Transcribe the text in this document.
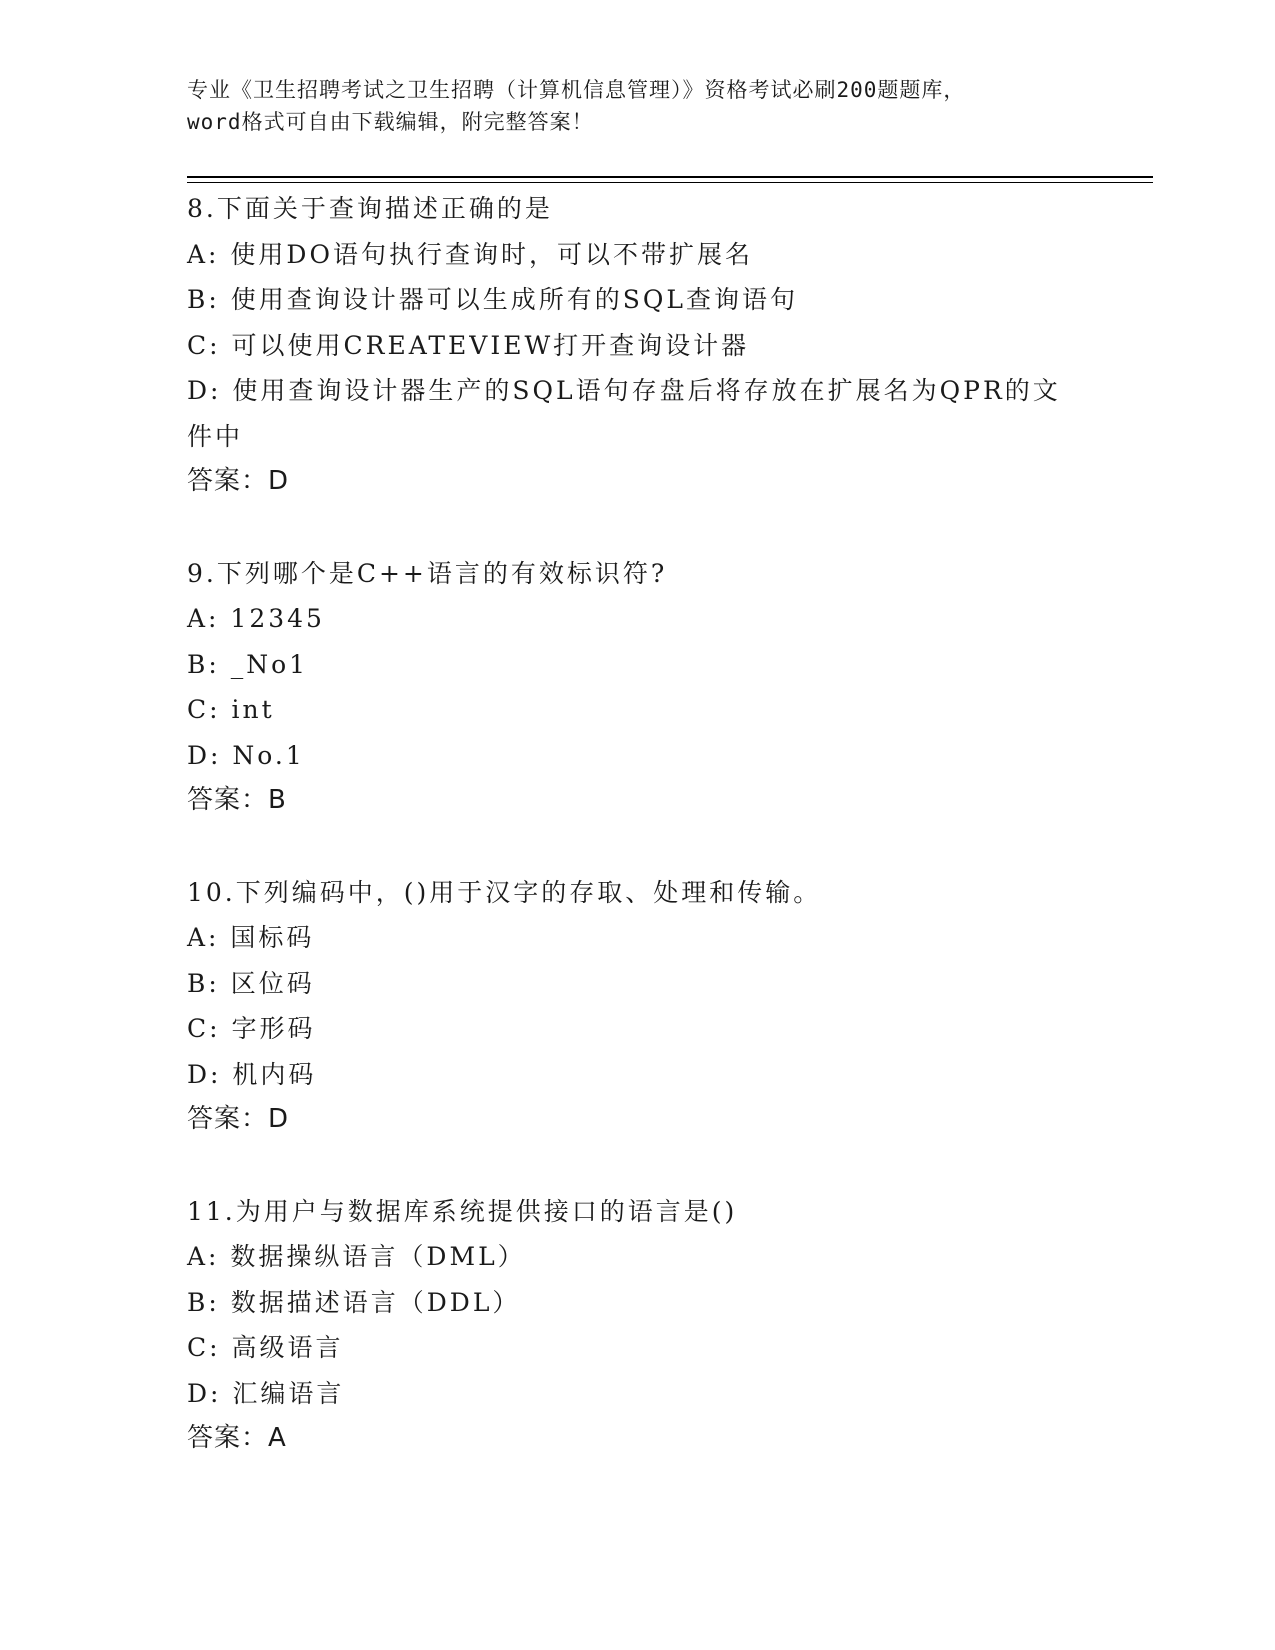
专业《卫生招聘考试之卫生招聘（计算机信息管理）》资格考试必刷200题题库，
word格式可自由下载编辑，附完整答案！
8.下面关于查询描述正确的是
A: 使用DO语句执行查询时，可以不带扩展名
B: 使用查询设计器可以生成所有的SQL查询语句
C: 可以使用CREATEVIEW打开查询设计器
D: 使用查询设计器生产的SQL语句存盘后将存放在扩展名为QPR的文
件中
答案：D
9.下列哪个是C++语言的有效标识符?
A: 12345
B: _No1
C: int
D: No.1
答案：B
10.下列编码中，()用于汉字的存取、处理和传输。
A: 国标码
B: 区位码
C: 字形码
D: 机内码
答案：D
11.为用户与数据库系统提供接口的语言是()
A: 数据操纵语言（DML）
B: 数据描述语言（DDL）
C: 高级语言
D: 汇编语言
答案：A
